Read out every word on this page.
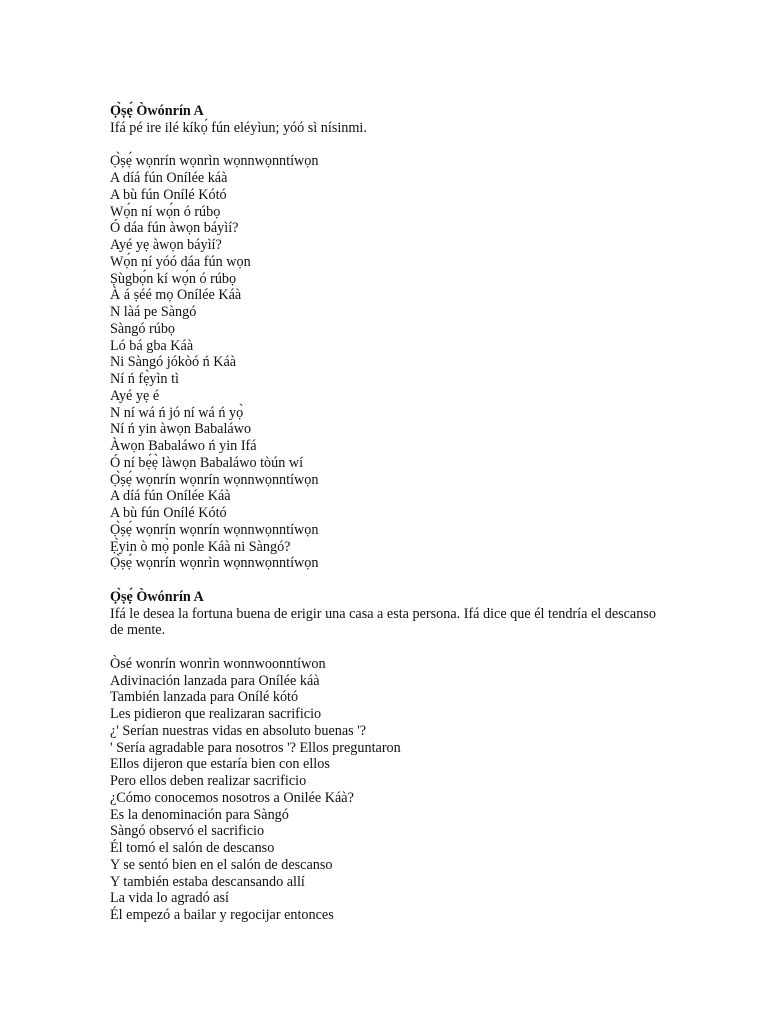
Ọ̀ṣẹ́ Òwónrín A
Ifá pé ire ilé kíkọ́ fún eléyìun; yóó sì nísinmi.
Ọ̀ṣẹ́ wọnrín wọnrìn wọnnwọnntíwọn
A díá fún Onílée káà
A bù fún Onílé Kótó
Wọ́n ní wọ́n ó rúbọ
Ó dáa fún àwọn báyìí?
Ayé yẹ àwọn báyìí?
Wọ́n ní yóó dáa fún wọn
Ṣùgbọ́n kí wọ́n ó rúbọ
À á ṣéé mọ Onílée Káà
N làá pe Sàngó
Sàngó rúbọ
Ló bá gba Káà
Ni Sàngó jókòó ń Káà
Ní ń fẹ̀yìn tì
Ayé yẹ é
N ní wá ń jó ní wá ń yọ̀
Ní ń yin àwọn Babaláwo
Àwọn Babaláwo ń yin Ifá
Ó ní bẹ́ẹ̀ làwọn Babaláwo tòún wí
Ọ̀ṣẹ́ wọnrín wọnrín wọnnwọnntíwọn
A díá fún Onílée Káà
A bù fún Onílé Kótó
Ọ̀ṣẹ́ wọnrín wọnrín wọnnwọnntíwọn
Ẹ̀yin ò mọ̀ ponle Káà ni Sàngó?
Ọ̀ṣẹ́ wọnrín wọnrìn wọnnwọnntíwọn
Ọ̀ṣẹ́ Òwónrín A
Ifá le desea la fortuna buena de erigir una casa a esta persona. Ifá dice que él tendría el descanso de mente.
Òsé wonrín wonrìn wonnwoonntíwon
Adivinación lanzada para Onílée káà
También lanzada para Onílé kótó
Les pidieron que realizaran sacrificio
¿' Serían nuestras vidas en absoluto buenas '?
' Sería agradable para nosotros '? Ellos preguntaron
Ellos dijeron que estaría bien con ellos
Pero ellos deben realizar sacrificio
¿Cómo conocemos nosotros a Onilée Káà?
Es la denominación para Sàngó
Sàngó observó el sacrificio
Él tomó el salón de descanso
Y se sentó bien en el salón de descanso
Y también estaba descansando allí
La vida lo agradó así
Él empezó a bailar y regocijar entonces
